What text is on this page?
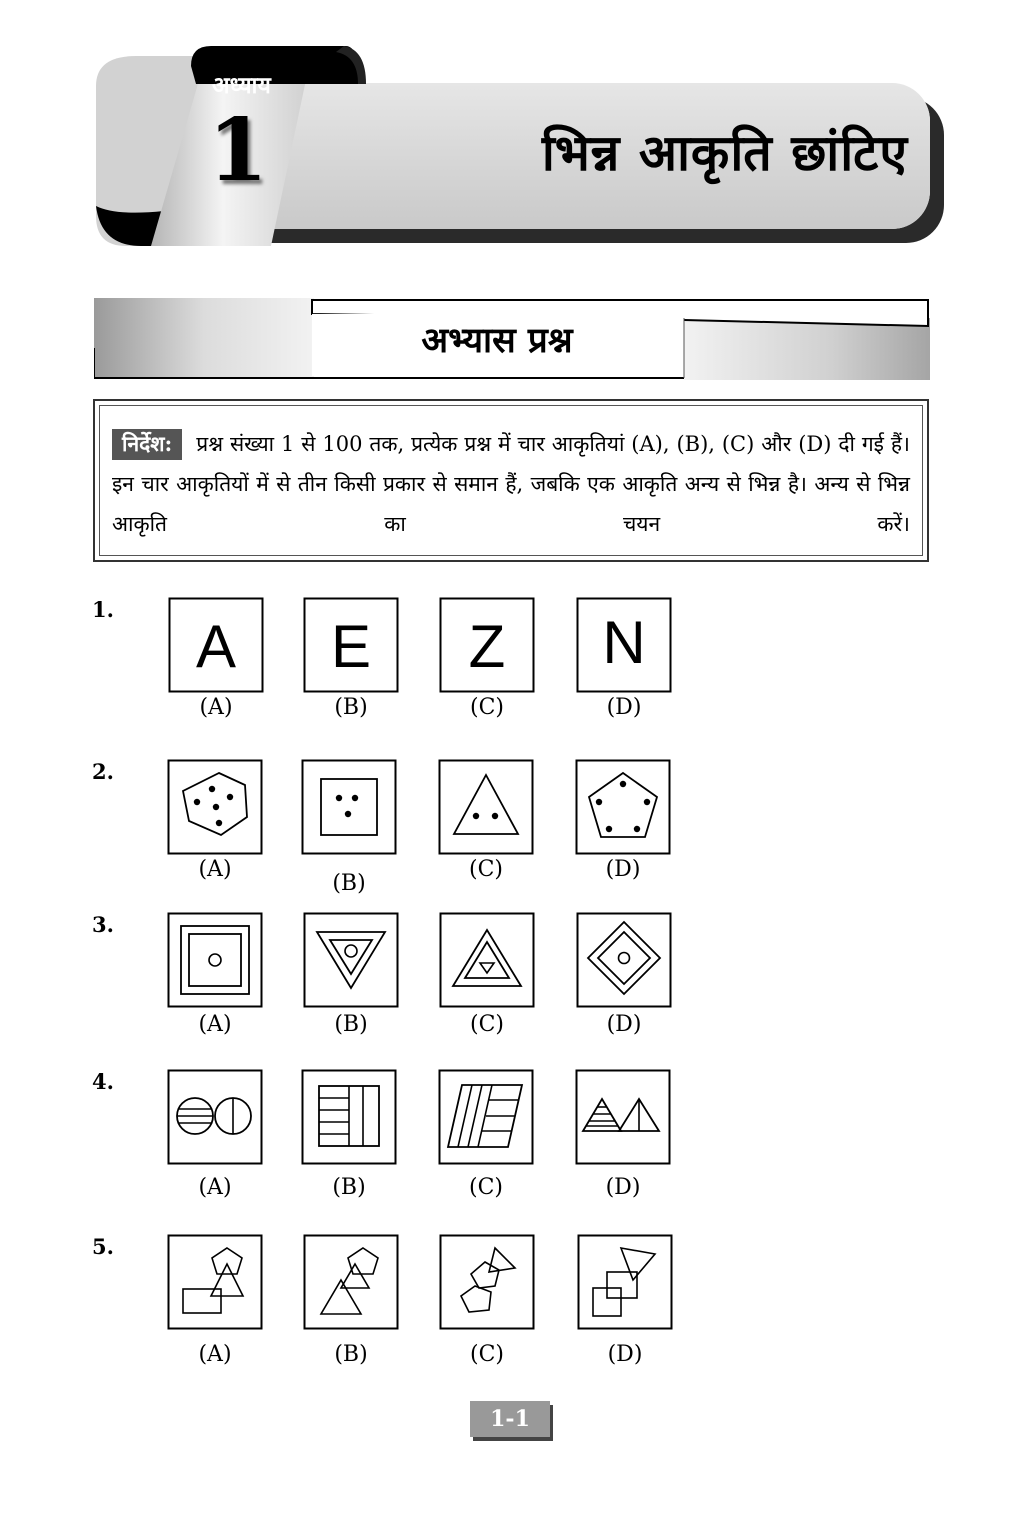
भिन्न आकृति छांटिए
अध्याय
1
अभ्यास प्रश्न
निर्देश: प्रश्न संख्या 1 से 100 तक, प्रत्येक प्रश्न में चार आकृतियां (A), (B), (C) और (D) दी गई हैं। इन चार आकृतियों में से तीन किसी प्रकार से समान हैं, जबकि एक आकृति अन्य से भिन्न है। अन्य से भिन्न आकृति का चयन करें।
1.
A
(A)
E
(B)
Z
(C)
N
(D)
2.
(A)
(B)
(C)	(D)
3.
(A)	(B)	(C)	(D)
4.
(A)	(B)	(C)	(D)
5.
(A)	(B)	(C)	(D)
1-1
